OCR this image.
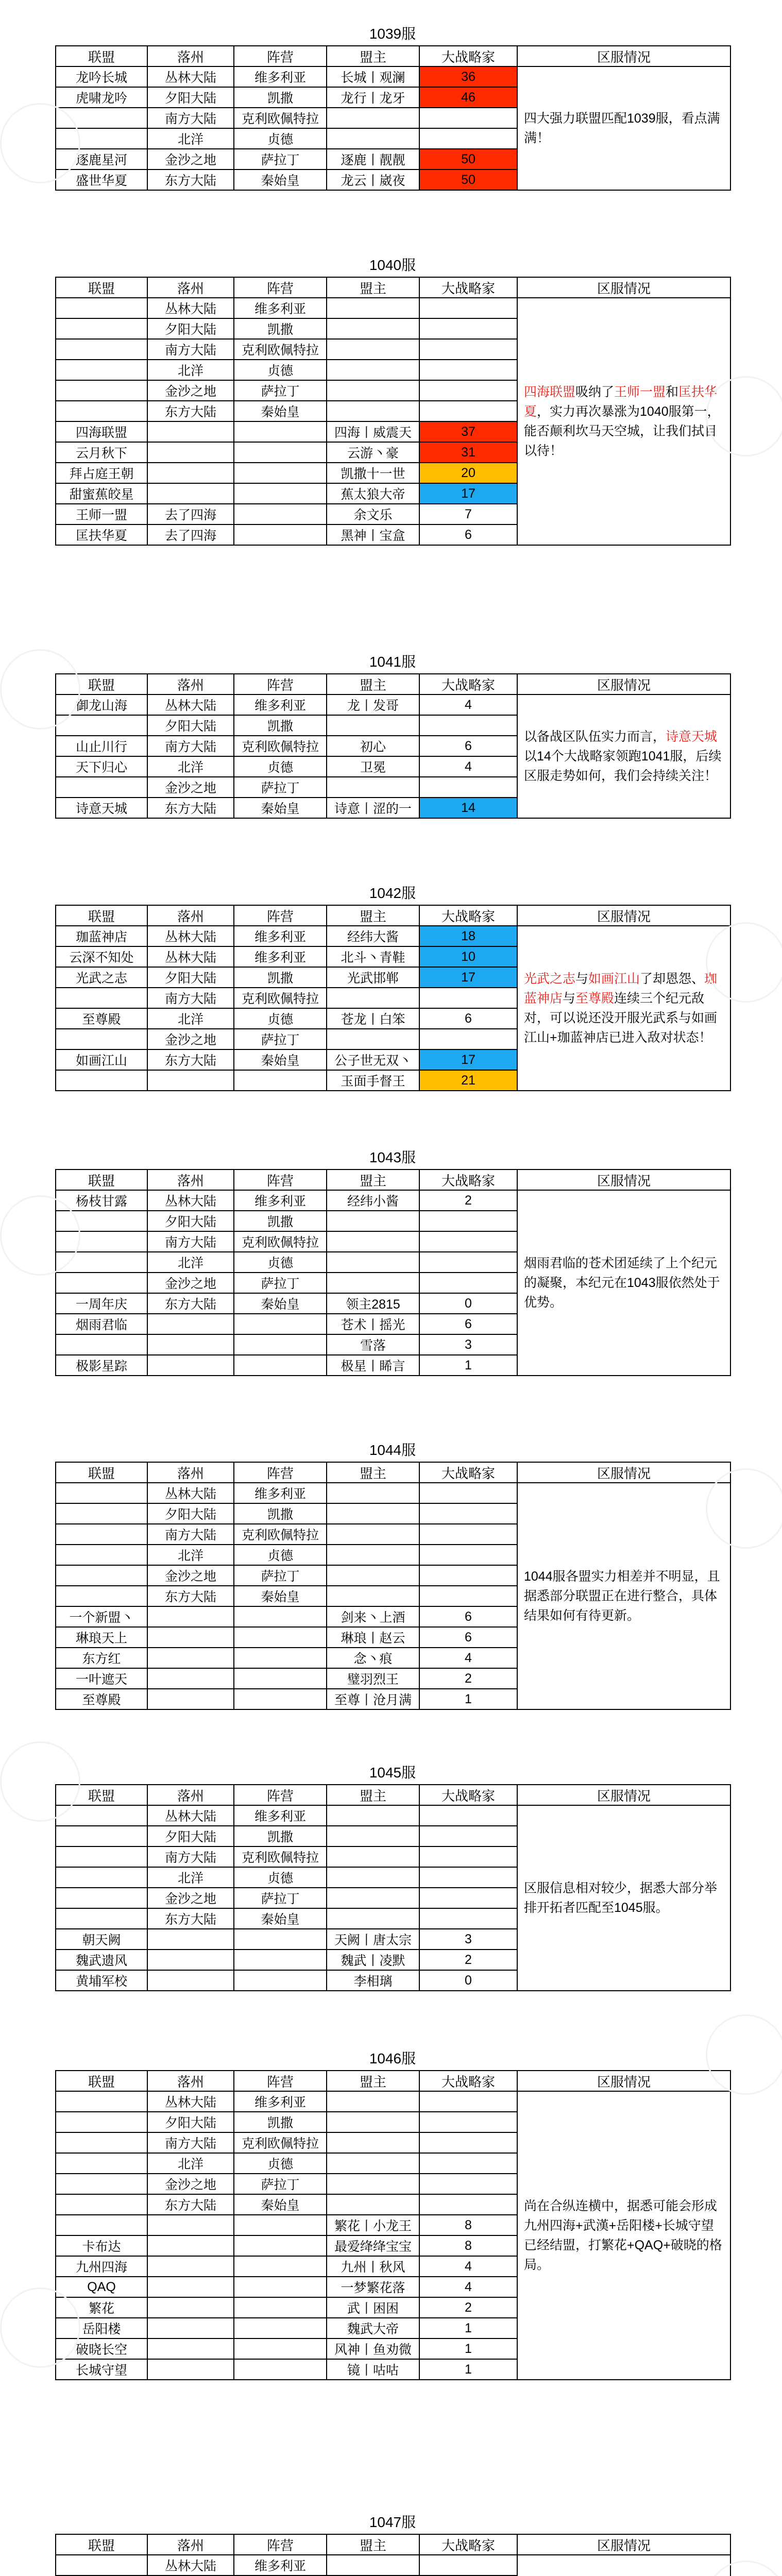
1039服
联盟	落州	阵营	盟主	大战略家	区服情况
龙吟长城	丛林大陆	维多利亚	长城丨观澜	36	四大强力联盟匹配1039服，看点满满！
虎啸龙吟	夕阳大陆	凯撒	龙行丨龙牙	46	
	南方大陆	克利欧佩特拉			
	北洋	贞德			
逐鹿星河	金沙之地	萨拉丁	逐鹿丨靓靓	50	
盛世华夏	东方大陆	秦始皇	龙云丨崴夜	50	
1040服
联盟	落州	阵营	盟主	大战略家	区服情况
	丛林大陆	维多利亚			四海联盟吸纳了王师一盟和匡扶华夏，实力再次暴涨为1040服第一，能否颠利坎马天空城，让我们拭目以待！
	夕阳大陆	凯撒			
	南方大陆	克利欧佩特拉			
	北洋	贞德			
	金沙之地	萨拉丁			
	东方大陆	秦始皇			
四海联盟			四海丨威震天	37	
云月秋下			云游丶豪	31	
拜占庭王朝			凯撒十一世	20	
甜蜜蕉皎星			蕉太狼大帝	17	
王师一盟	去了四海		余文乐	7	
匡扶华夏	去了四海		黑神丨宝盒	6	
1041服
联盟	落州	阵营	盟主	大战略家	区服情况
御龙山海	丛林大陆	维多利亚	龙丨发哥	4	以备战区队伍实力而言，诗意天城以14个大战略家领跑1041服，后续区服走势如何，我们会持续关注！
	夕阳大陆	凯撒			
山止川行	南方大陆	克利欧佩特拉	初心	6	
天下归心	北洋	贞德	卫冕	4	
	金沙之地	萨拉丁			
诗意天城	东方大陆	秦始皇	诗意丨涩的一	14	
1042服
联盟	落州	阵营	盟主	大战略家	区服情况
珈蓝神店	丛林大陆	维多利亚	经纬大酱	18	光武之志与如画江山了却恩怨、珈蓝神店与至尊殿连续三个纪元敌对，可以说还没开服光武系与如画江山+珈蓝神店已进入敌对状态！
云深不知处	丛林大陆	维多利亚	北斗丶青鞋	10	
光武之志	夕阳大陆	凯撒	光武邯郸	17	
	南方大陆	克利欧佩特拉			
至尊殿	北洋	贞德	苍龙丨白笨	6	
	金沙之地	萨拉丁			
如画江山	东方大陆	秦始皇	公子世无双丶	17	
			玉面手督王	21	
1043服
联盟	落州	阵营	盟主	大战略家	区服情况
杨枝甘露	丛林大陆	维多利亚	经纬小酱	2	烟雨君临的苍术团延续了上个纪元的凝聚，本纪元在1043服依然处于优势。
	夕阳大陆	凯撒			
	南方大陆	克利欧佩特拉			
	北洋	贞德			
	金沙之地	萨拉丁			
一周年庆	东方大陆	秦始皇	领主2815	0	
烟雨君临			苍术丨摇光	6	
			雪落	3	
极影星踪			极星丨睎言	1	
1044服
联盟	落州	阵营	盟主	大战略家	区服情况
	丛林大陆	维多利亚			1044服各盟实力相差并不明显，且据悉部分联盟正在进行整合，具体结果如何有待更新。
	夕阳大陆	凯撒			
	南方大陆	克利欧佩特拉			
	北洋	贞德			
	金沙之地	萨拉丁			
	东方大陆	秦始皇			
一个新盟丶			剑来丶上酒	6	
琳琅天上			琳琅丨赵云	6	
东方红			念丶痕	4	
一叶遮天			璧羽烈王	2	
至尊殿			至尊丨沧月满	1	
1045服
联盟	落州	阵营	盟主	大战略家	区服情况
	丛林大陆	维多利亚			区服信息相对较少，据悉大部分举排开拓者匹配至1045服。
	夕阳大陆	凯撒			
	南方大陆	克利欧佩特拉			
	北洋	贞德			
	金沙之地	萨拉丁			
	东方大陆	秦始皇			
朝天阙			天阙丨唐太宗	3	
魏武遗风			魏武丨凌默	2	
黄埔军校			李相璃	0	
1046服
联盟	落州	阵营	盟主	大战略家	区服情况
	丛林大陆	维多利亚			尚在合纵连横中，据悉可能会形成九州四海+武漢+岳阳楼+长城守望已经结盟，打繁花+QAQ+破晓的格局。
	夕阳大陆	凯撒			
	南方大陆	克利欧佩特拉			
	北洋	贞德			
	金沙之地	萨拉丁			
	东方大陆	秦始皇			
			繁花丨小龙王	8	
卡布达			最爱绛绛宝宝	8	
九州四海			九州丨秋风	4	
QAQ			一梦繁花落	4	
繁花			武丨困困	2	
岳阳楼			魏武大帝	1	
破晓长空			风神丨鱼劝微	1	
长城守望			镜丨咕咕	1	
1047服
联盟	落州	阵营	盟主	大战略家	区服情况
	丛林大陆	维多利亚			
